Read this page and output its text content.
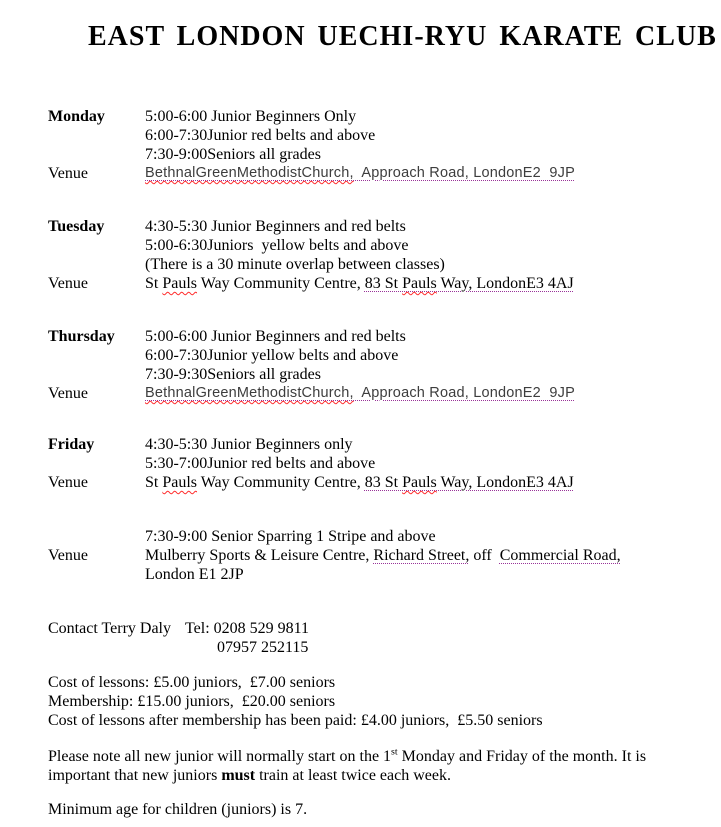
EAST LONDON UECHI-RYU KARATE CLUB
Monday	5:00-6:00 Junior Beginners Only
6:00-7:30Junior red belts and above
7:30-9:00Seniors all grades
Venue	BethnalGreenMethodistChurch,  Approach Road, LondonE2  9JP
Tuesday	4:30-5:30 Junior Beginners and red belts
5:00-6:30Juniors  yellow belts and above
(There is a 30 minute overlap between classes)
Venue	St Pauls Way Community Centre, 83 St Pauls Way, LondonE3 4AJ
Thursday	5:00-6:00 Junior Beginners and red belts
6:00-7:30Junior yellow belts and above
7:30-9:30Seniors all grades
Venue	BethnalGreenMethodistChurch,  Approach Road, LondonE2  9JP
Friday	4:30-5:30 Junior Beginners only
5:30-7:00Junior red belts and above
Venue	St Pauls Way Community Centre, 83 St Pauls Way, LondonE3 4AJ
7:30-9:00 Senior Sparring 1 Stripe and above
Venue	Mulberry Sports & Leisure Centre, Richard Street, off  Commercial Road,
London E1 2JP

Contact Terry Daly Tel: 0208 529 9811

07957 252115

Cost of lessons: £5.00 juniors,  £7.00 seniors

Membership: £15.00 juniors,  £20.00 seniors

Cost of lessons after membership has been paid: £4.00 juniors,  £5.50 seniors

Please note all new junior will normally start on the 1st Monday and Friday of the month. It is important that new juniors must train at least twice each week.

Minimum age for children (juniors) is 7.
